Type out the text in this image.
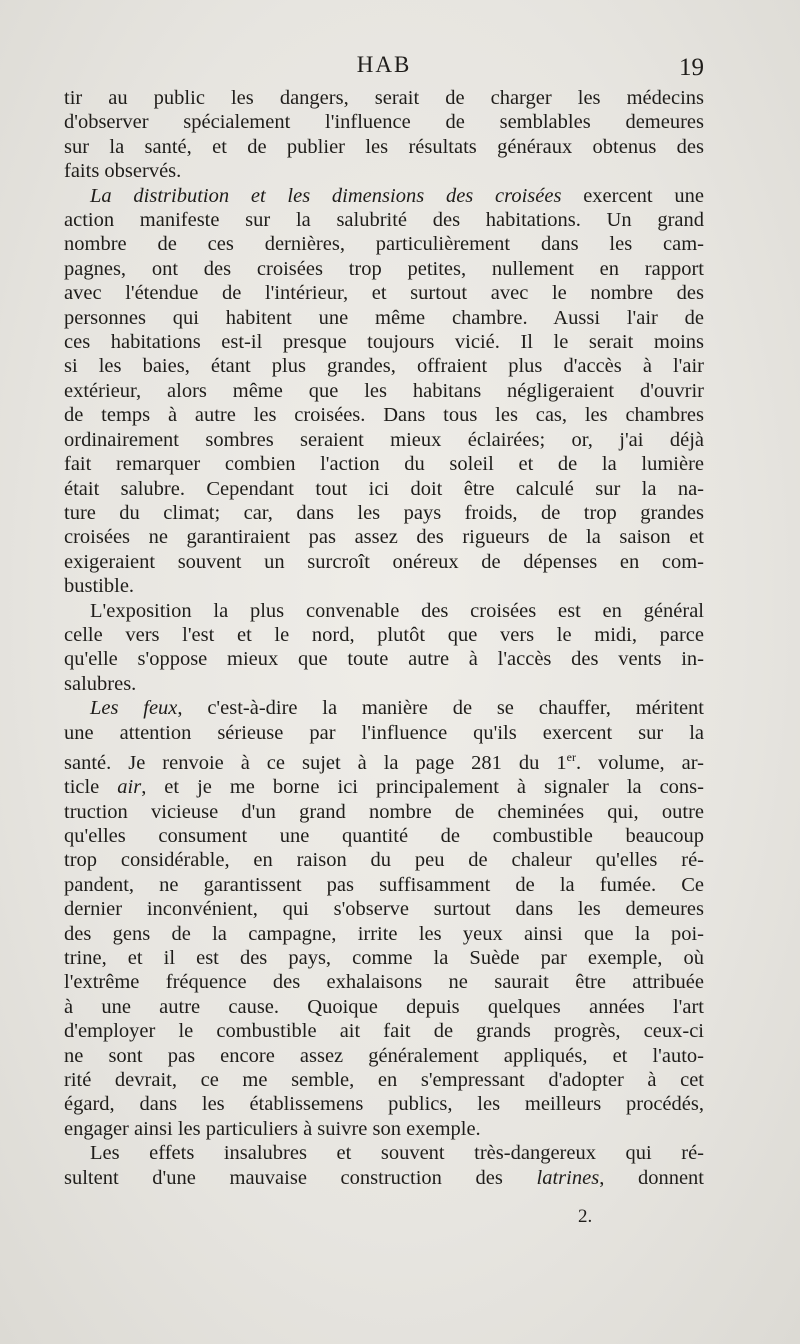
HAB	19

tir au public les dangers, serait de charger les médecins
d'observer spécialement l'influence de semblables demeures
sur la santé, et de publier les résultats généraux obtenus des
faits observés.

La distribution et les dimensions des croisées exercent une
action manifeste sur la salubrité des habitations. Un grand
nombre de ces dernières, particulièrement dans les cam-
pagnes, ont des croisées trop petites, nullement en rapport
avec l'étendue de l'intérieur, et surtout avec le nombre des
personnes qui habitent une même chambre. Aussi l'air de
ces habitations est-il presque toujours vicié. Il le serait moins
si les baies, étant plus grandes, offraient plus d'accès à l'air
extérieur, alors même que les habitans négligeraient d'ouvrir
de temps à autre les croisées. Dans tous les cas, les chambres
ordinairement sombres seraient mieux éclairées; or, j'ai déjà
fait remarquer combien l'action du soleil et de la lumière
était salubre. Cependant tout ici doit être calculé sur la na-
ture du climat; car, dans les pays froids, de trop grandes
croisées ne garantiraient pas assez des rigueurs de la saison et
exigeraient souvent un surcroît onéreux de dépenses en com-
bustible.

L'exposition la plus convenable des croisées est en général
celle vers l'est et le nord, plutôt que vers le midi, parce
qu'elle s'oppose mieux que toute autre à l'accès des vents in-
salubres.

Les feux, c'est-à-dire la manière de se chauffer, méritent
une attention sérieuse par l'influence qu'ils exercent sur la
santé. Je renvoie à ce sujet à la page 281 du 1er. volume, ar-
ticle air, et je me borne ici principalement à signaler la cons-
truction vicieuse d'un grand nombre de cheminées qui, outre
qu'elles consument une quantité de combustible beaucoup
trop considérable, en raison du peu de chaleur qu'elles ré-
pandent, ne garantissent pas suffisamment de la fumée. Ce
dernier inconvénient, qui s'observe surtout dans les demeures
des gens de la campagne, irrite les yeux ainsi que la poi-
trine, et il est des pays, comme la Suède par exemple, où
l'extrême fréquence des exhalaisons ne saurait être attribuée
à une autre cause. Quoique depuis quelques années l'art
d'employer le combustible ait fait de grands progrès, ceux-ci
ne sont pas encore assez généralement appliqués, et l'auto-
rité devrait, ce me semble, en s'empressant d'adopter à cet
égard, dans les établissemens publics, les meilleurs procédés,
engager ainsi les particuliers à suivre son exemple.

Les effets insalubres et souvent très-dangereux qui ré-
sultent d'une mauvaise construction des latrines, donnent

2.
